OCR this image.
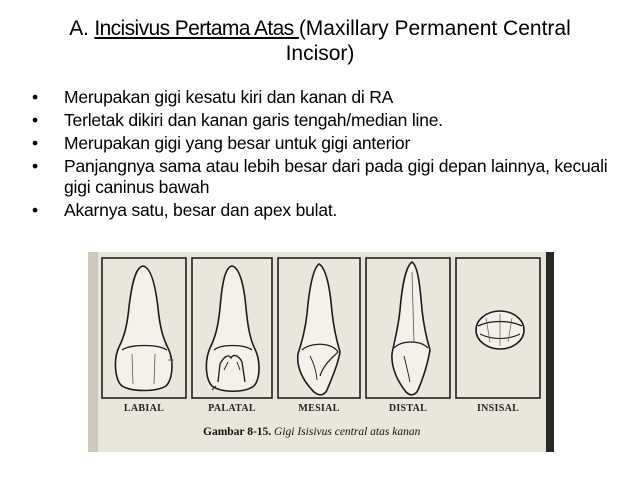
A. Incisivus Pertama Atas (Maxillary Permanent Central Incisor)
•	Merupakan gigi kesatu kiri dan kanan di RA
•	Terletak dikiri dan kanan garis tengah/median line.
•	Merupakan gigi yang besar untuk gigi anterior
•	Panjangnya sama atau lebih besar dari pada gigi depan lainnya, kecuali gigi caninus bawah
•	Akarnya satu, besar dan apex bulat.
LABIAL	PALATAL	MESIAL	DISTAL	INSISAL
Gambar 8-15. Gigi Isisivus central atas kanan
